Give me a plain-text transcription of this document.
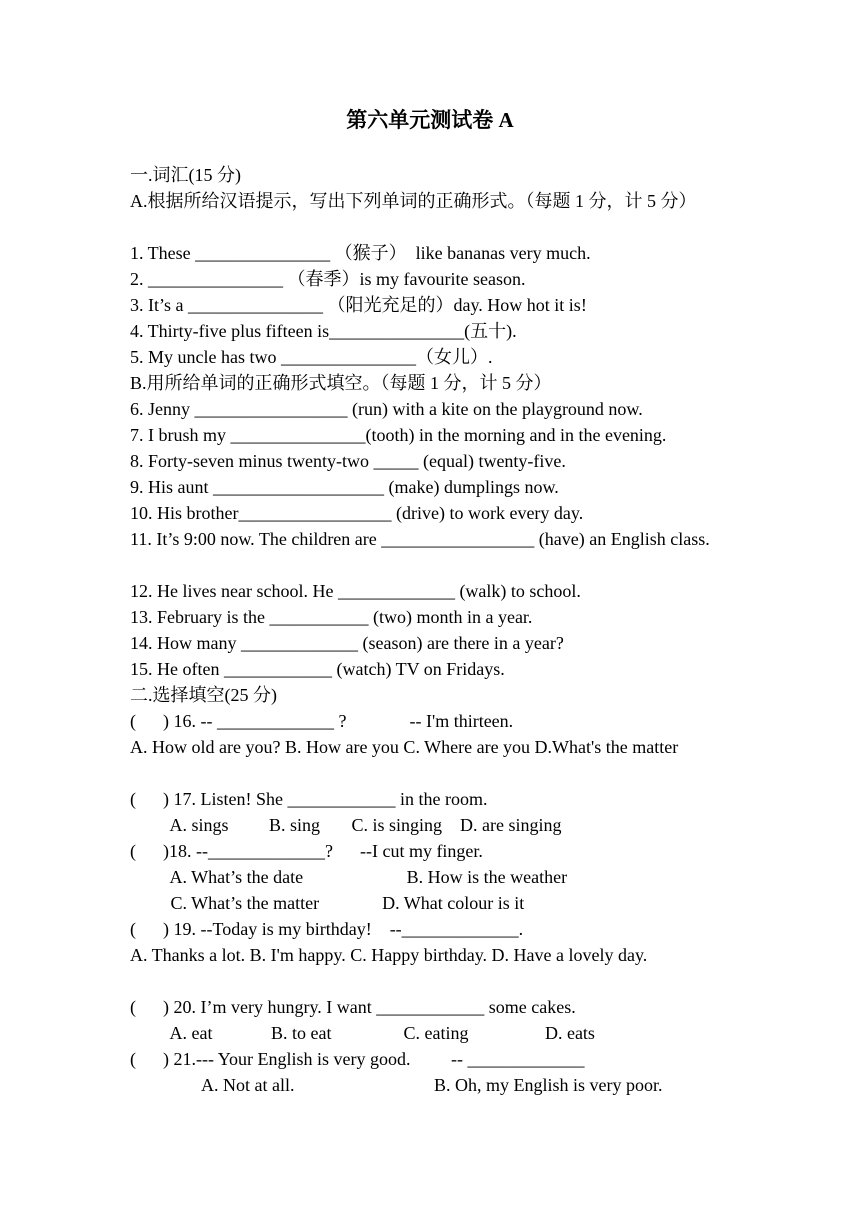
第六单元测试卷 A
一.词汇(15 分)
A.根据所给汉语提示，写出下列单词的正确形式。（每题 1 分，计 5 分）
1. These _______________ （猴子）  like bananas very much.
2. _______________ （春季）is my favourite season.
3. It’s a _______________ （阳光充足的）day. How hot it is!
4. Thirty-five plus fifteen is_______________(五十).
5. My uncle has two _______________（女儿）.
B.用所给单词的正确形式填空。（每题 1 分，计 5 分）
6. Jenny _________________ (run) with a kite on the playground now.
7. I brush my _______________(tooth) in the morning and in the evening.
8. Forty-seven minus twenty-two _____ (equal) twenty-five.
9. His aunt ___________________ (make) dumplings now.
10. His brother_________________ (drive) to work every day.
11. It’s 9:00 now. The children are _________________ (have) an English class.
12. He lives near school. He _____________ (walk) to school.
13. February is the ___________ (two) month in a year.
14. How many _____________ (season) are there in a year?
15. He often ____________ (watch) TV on Fridays.
二.选择填空(25 分)
(      ) 16. -- _____________ ?              -- I'm thirteen.
A. How old are you? B. How are you C. Where are you D.What's the matter
(      ) 17. Listen! She ____________ in the room.
A. sings         B. sing       C. is singing    D. are singing
(      )18. --_____________?      --I cut my finger.
A. What’s the date                       B. How is the weather
C. What’s the matter              D. What colour is it
(      ) 19. --Today is my birthday!    --_____________.
A. Thanks a lot. B. I'm happy. C. Happy birthday. D. Have a lovely day.
(      ) 20. I’m very hungry. I want ____________ some cakes.
A. eat             B. to eat                C. eating                 D. eats
(      ) 21.--- Your English is very good.         -- _____________
A. Not at all.                               B. Oh, my English is very poor.
